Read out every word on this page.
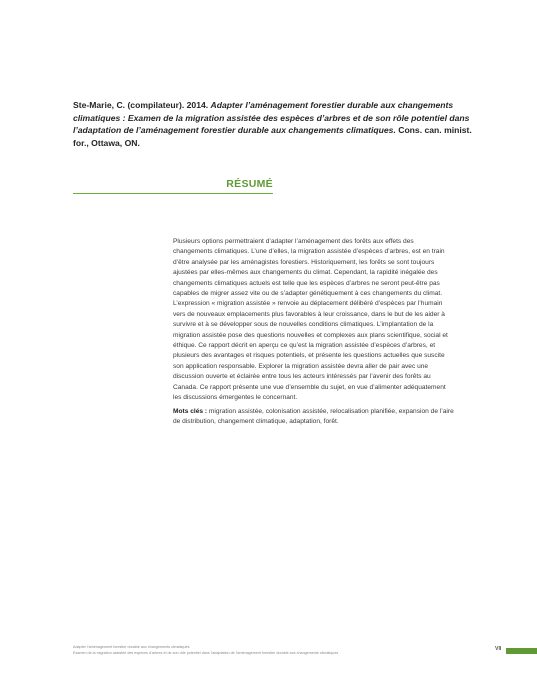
Ste-Marie, C. (compilateur). 2014. Adapter l’aménagement forestier durable aux changements climatiques : Examen de la migration assistée des espèces d’arbres et de son rôle potentiel dans l’adaptation de l’aménagement forestier durable aux changements climatiques. Cons. can. minist. for., Ottawa, ON.
RÉSUMÉ

Plusieurs options permettraient d’adapter l’aménagement des forêts aux effets des changements climatiques. L’une d’elles, la migration assistée d’espèces d’arbres, est en train d’être analysée par les aménagistes forestiers. Historiquement, les forêts se sont toujours ajustées par elles-mêmes aux changements du climat. Cependant, la rapidité inégalée des changements climatiques actuels est telle que les espèces d’arbres ne seront peut-être pas capables de migrer assez vite ou de s’adapter génétiquement à ces changements du climat. L’expression « migration assistée » renvoie au déplacement délibéré d’espèces par l’humain vers de nouveaux emplacements plus favorables à leur croissance, dans le but de les aider à survivre et à se développer sous de nouvelles conditions climatiques. L’implantation de la migration assistée pose des questions nouvelles et complexes aux plans scientifique, social et éthique. Ce rapport décrit en aperçu ce qu’est la migration assistée d’espèces d’arbres, et plusieurs des avantages et risques potentiels, et présente les questions actuelles que suscite son application responsable. Explorer la migration assistée devra aller de pair avec une discussion ouverte et éclairée entre tous les acteurs intéressés par l’avenir des forêts au Canada. Ce rapport présente une vue d’ensemble du sujet, en vue d’alimenter adéquatement les discussions émergentes le concernant.

Mots clés : migration assistée, colonisation assistée, relocalisation planifiée, expansion de l’aire de distribution, changement climatique, adaptation, forêt.

Adapter l’aménagement forestier durable aux changements climatiques
Examen de la migration assistée des espèces d’arbres et de son rôle potentiel dans l’adaptation de l’aménagement forestier durable aux changements climatiques
VII
